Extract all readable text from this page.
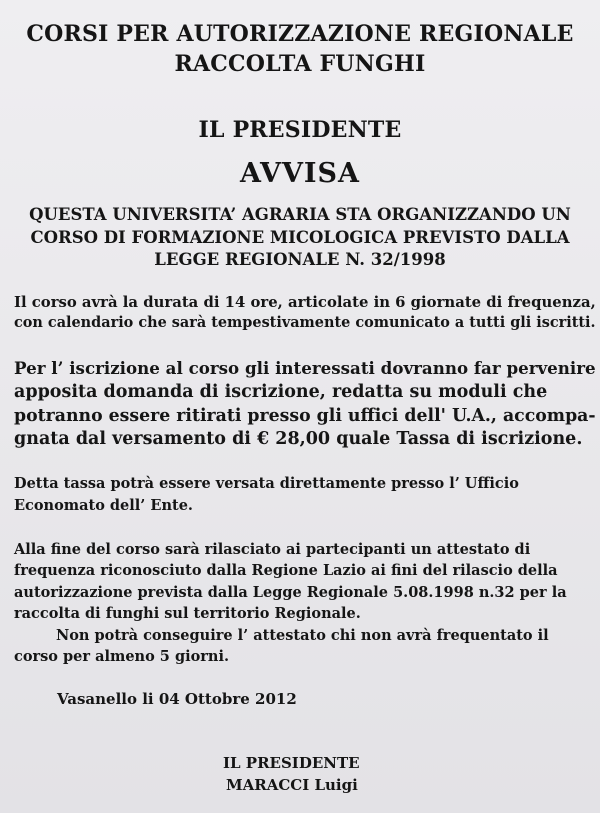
CORSI PER AUTORIZZAZIONE REGIONALE

RACCOLTA FUNGHI

IL PRESIDENTE

AVVISA

QUESTA UNIVERSITA’ AGRARIA STA ORGANIZZANDO UN

CORSO DI FORMAZIONE MICOLOGICA PREVISTO DALLA

LEGGE REGIONALE N. 32/1998

Il corso avrà la durata di 14 ore, articolate in 6 giornate di frequenza,

con calendario che sarà tempestivamente comunicato a tutti gli iscritti.

Per l’ iscrizione al corso gli interessati dovranno far pervenire

apposita domanda di iscrizione, redatta su moduli che

potranno essere ritirati presso gli uffici dell' U.A., accompa-

gnata dal versamento di € 28,00 quale Tassa di iscrizione.

Detta tassa potrà essere versata direttamente presso l’ Ufficio

Economato dell’ Ente.

Alla fine del corso sarà rilasciato ai partecipanti un attestato di

frequenza riconosciuto dalla Regione Lazio ai fini del rilascio della

autorizzazione prevista dalla Legge Regionale 5.08.1998 n.32 per la

raccolta di funghi sul territorio Regionale.

Non potrà conseguire l’ attestato chi non avrà frequentato il

corso per almeno 5 giorni.

Vasanello li 04 Ottobre 2012

IL PRESIDENTE

MARACCI Luigi
